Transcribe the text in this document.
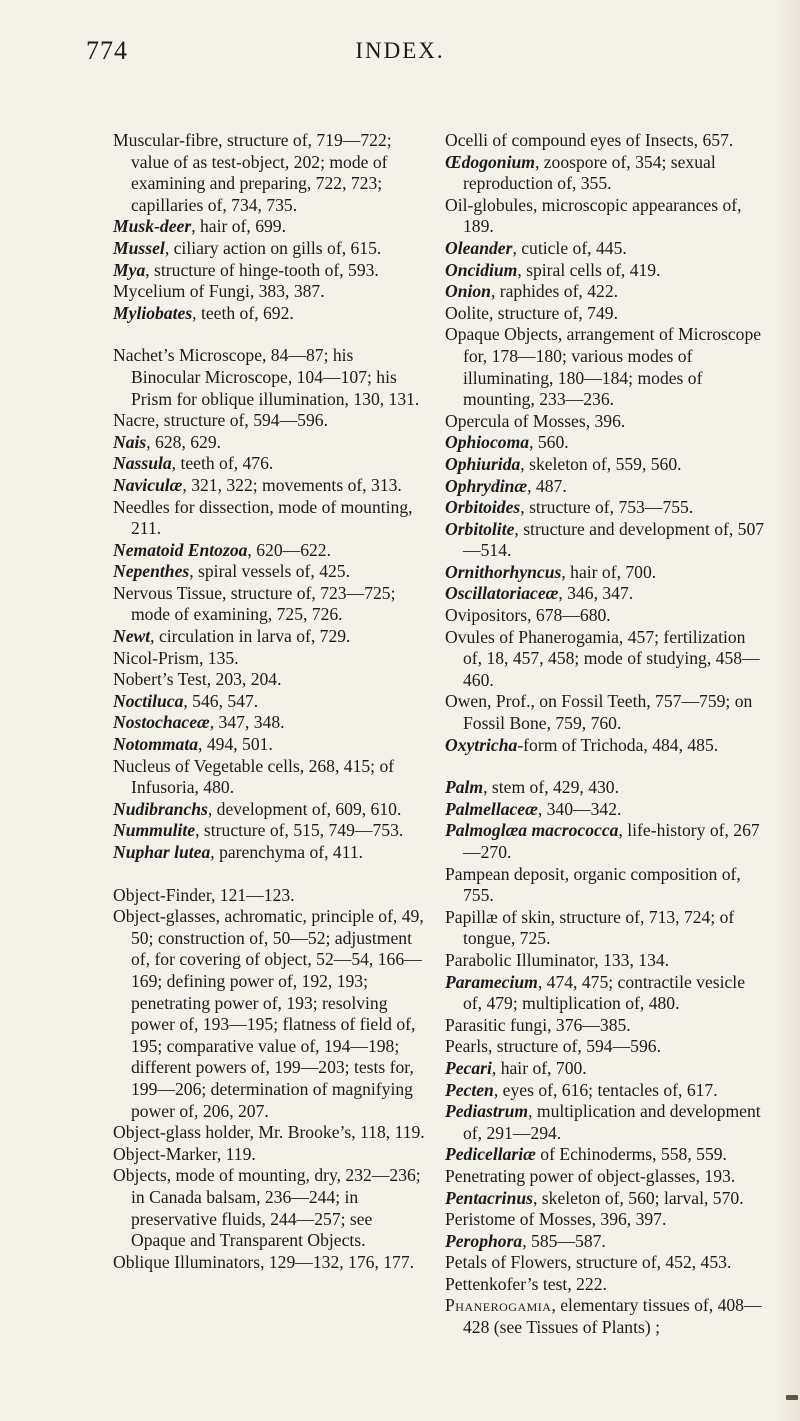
774	INDEX.

Muscular-fibre, structure of, 719—722; value of as test-object, 202; mode of examining and preparing, 722, 723; capillaries of, 734, 735.

Musk-deer, hair of, 699.

Mussel, ciliary action on gills of, 615.

Mya, structure of hinge-tooth of, 593.

Mycelium of Fungi, 383, 387.

Myliobates, teeth of, 692.

Nachet’s Microscope, 84—87; his Binocular Microscope, 104—107; his Prism for oblique illumination, 130, 131.

Nacre, structure of, 594—596.

Nais, 628, 629.

Nassula, teeth of, 476.

Naviculæ, 321, 322; movements of, 313.

Needles for dissection, mode of mounting, 211.

Nematoid Entozoa, 620—622.

Nepenthes, spiral vessels of, 425.

Nervous Tissue, structure of, 723—725; mode of examining, 725, 726.

Newt, circulation in larva of, 729.

Nicol-Prism, 135.

Nobert’s Test, 203, 204.

Noctiluca, 546, 547.

Nostochaceæ, 347, 348.

Notommata, 494, 501.

Nucleus of Vegetable cells, 268, 415; of Infusoria, 480.

Nudibranchs, development of, 609, 610.

Nummulite, structure of, 515, 749—753.

Nuphar lutea, parenchyma of, 411.

Object-Finder, 121—123.

Object-glasses, achromatic, principle of, 49, 50; construction of, 50—52; adjustment of, for covering of object, 52—54, 166—169; defining power of, 192, 193; penetrating power of, 193; resolving power of, 193—195; flatness of field of, 195; comparative value of, 194—198; different powers of, 199—203; tests for, 199—206; determination of magnifying power of, 206, 207.

Object-glass holder, Mr. Brooke’s, 118, 119.

Object-Marker, 119.

Objects, mode of mounting, dry, 232—236; in Canada balsam, 236—244; in preservative fluids, 244—257; see Opaque and Transparent Objects.

Oblique Illuminators, 129—132, 176, 177.

Ocelli of compound eyes of Insects, 657.

Œdogonium, zoospore of, 354; sexual reproduction of, 355.

Oil-globules, microscopic appearances of, 189.

Oleander, cuticle of, 445.

Oncidium, spiral cells of, 419.

Onion, raphides of, 422.

Oolite, structure of, 749.

Opaque Objects, arrangement of Microscope for, 178—180; various modes of illuminating, 180—184; modes of mounting, 233—236.

Opercula of Mosses, 396.

Ophiocoma, 560.

Ophiurida, skeleton of, 559, 560.

Ophrydinæ, 487.

Orbitoides, structure of, 753—755.

Orbitolite, structure and development of, 507—514.

Ornithorhyncus, hair of, 700.

Oscillatoriaceæ, 346, 347.

Ovipositors, 678—680.

Ovules of Phanerogamia, 457; fertilization of, 18, 457, 458; mode of studying, 458—460.

Owen, Prof., on Fossil Teeth, 757—759; on Fossil Bone, 759, 760.

Oxytricha-form of Trichoda, 484, 485.

Palm, stem of, 429, 430.

Palmellaceæ, 340—342.

Palmoglæa macrococca, life-history of, 267—270.

Pampean deposit, organic composition of, 755.

Papillæ of skin, structure of, 713, 724; of tongue, 725.

Parabolic Illuminator, 133, 134.

Paramecium, 474, 475; contractile vesicle of, 479; multiplication of, 480.

Parasitic fungi, 376—385.

Pearls, structure of, 594—596.

Pecari, hair of, 700.

Pecten, eyes of, 616; tentacles of, 617.

Pediastrum, multiplication and development of, 291—294.

Pedicellariæ of Echinoderms, 558, 559.

Penetrating power of object-glasses, 193.

Pentacrinus, skeleton of, 560; larval, 570.

Peristome of Mosses, 396, 397.

Perophora, 585—587.

Petals of Flowers, structure of, 452, 453.

Pettenkofer’s test, 222.

Phanerogamia, elementary tissues of, 408—428 (see Tissues of Plants) ;
